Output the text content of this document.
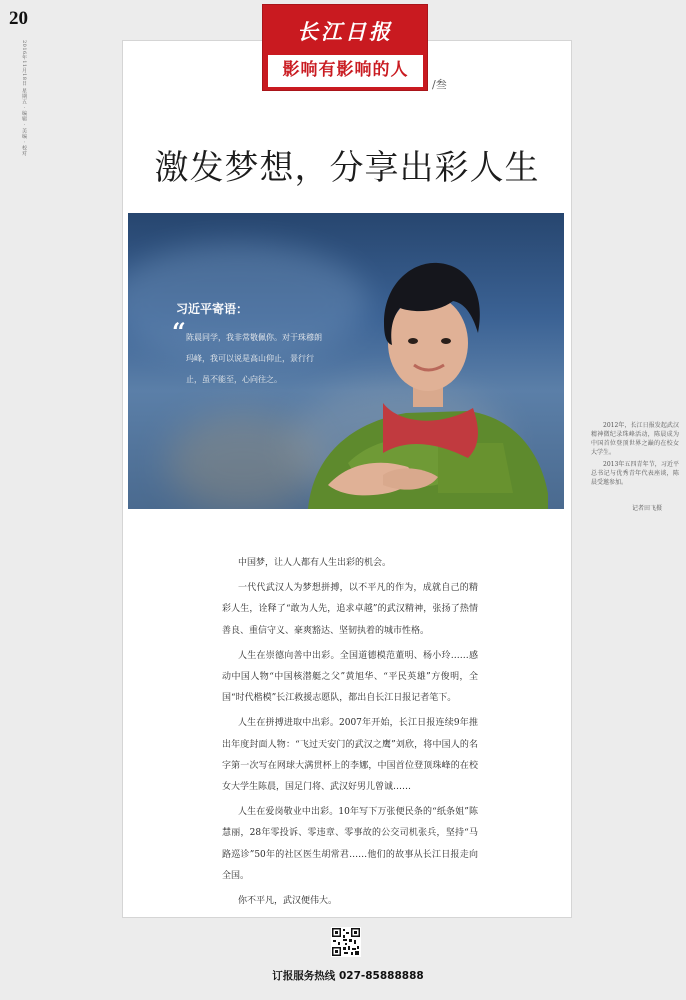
20
2016年11月18日 星期五 · 编辑 · 美编 · 校对
长江日报
影响有影响的人
/叁
激发梦想，分享出彩人生
习近平寄语：
“ 陈晨同学，我非常敬佩你。对于珠穆朗玛峰，我可以说是高山仰止，景行行止，虽不能至，心向往之。

2012年，长江日报发起武汉精神微纪录珠峰活动，陈晨成为中国首位登顶世界之巅的在校女大学生。

2013年五四青年节，习近平总书记与优秀青年代表座谈，陈晨受邀参加。

记者田飞摄

中国梦，让人人都有人生出彩的机会。

一代代武汉人为梦想拼搏，以不平凡的作为，成就自己的精彩人生，诠释了“敢为人先，追求卓越”的武汉精神，张扬了热情善良、重信守义、豪爽豁达、坚韧执着的城市性格。

人生在崇德向善中出彩。全国道德模范董明、杨小玲……感动中国人物“中国核潜艇之父”黄旭华、“平民英雄”方俊明，全国“时代楷模”长江救援志愿队，都出自长江日报记者笔下。

人生在拼搏进取中出彩。2007年开始，长江日报连续9年推出年度封面人物：“飞过天安门的武汉之鹰”刘欣，将中国人的名字第一次写在网球大满贯杯上的李娜，中国首位登顶珠峰的在校女大学生陈晨，国足门将、武汉好男儿曾诚……

人生在爱岗敬业中出彩。10年写下万张便民条的“纸条姐”陈慧丽，28年零投诉、零违章、零事故的公交司机张兵，坚持“马路巡诊”50年的社区医生胡常君……他们的故事从长江日报走向全国。

你不平凡，武汉便伟大。

订报服务热线 027-85888888
